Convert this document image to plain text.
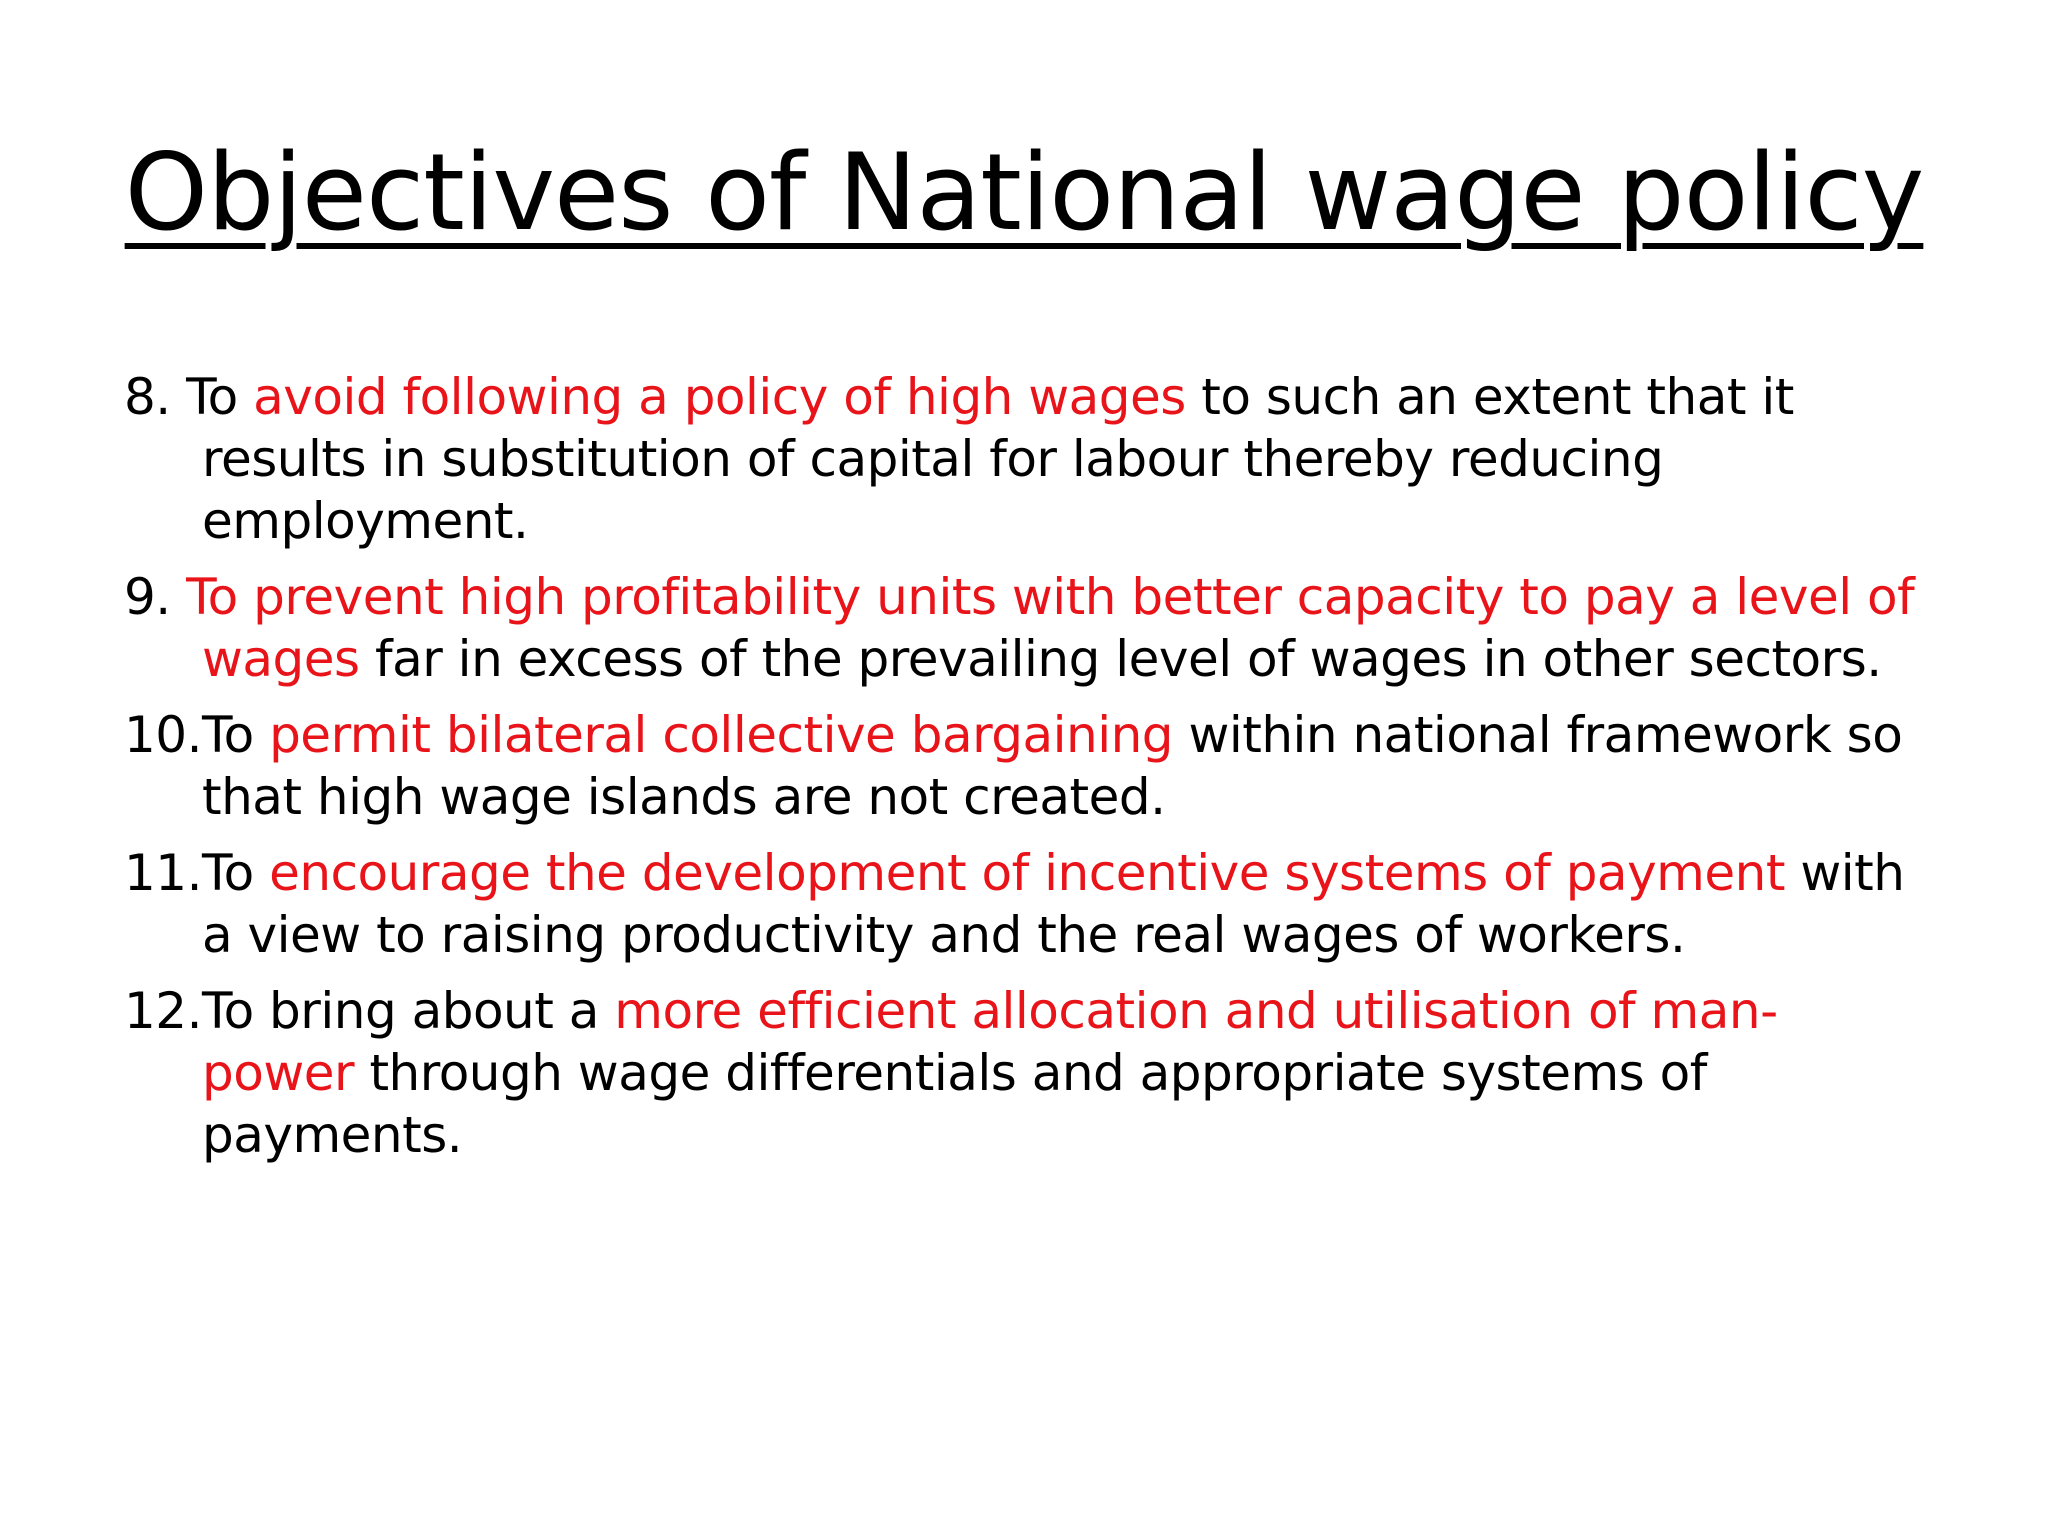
Objectives of National wage policy
8. To avoid following a policy of high wages to such an extent that it results in substitution of capital for labour thereby reducing employment.
9. To prevent high profitability units with better capacity to pay a level of wages far in excess of the prevailing level of wages in other sectors.
10.To permit bilateral collective bargaining within national framework so that high wage islands are not created.
11.To encourage the development of incentive systems of payment with a view to raising productivity and the real wages of workers.
12.To bring about a more efficient allocation and utilisation of man-power through wage differentials and appropriate systems of payments.
